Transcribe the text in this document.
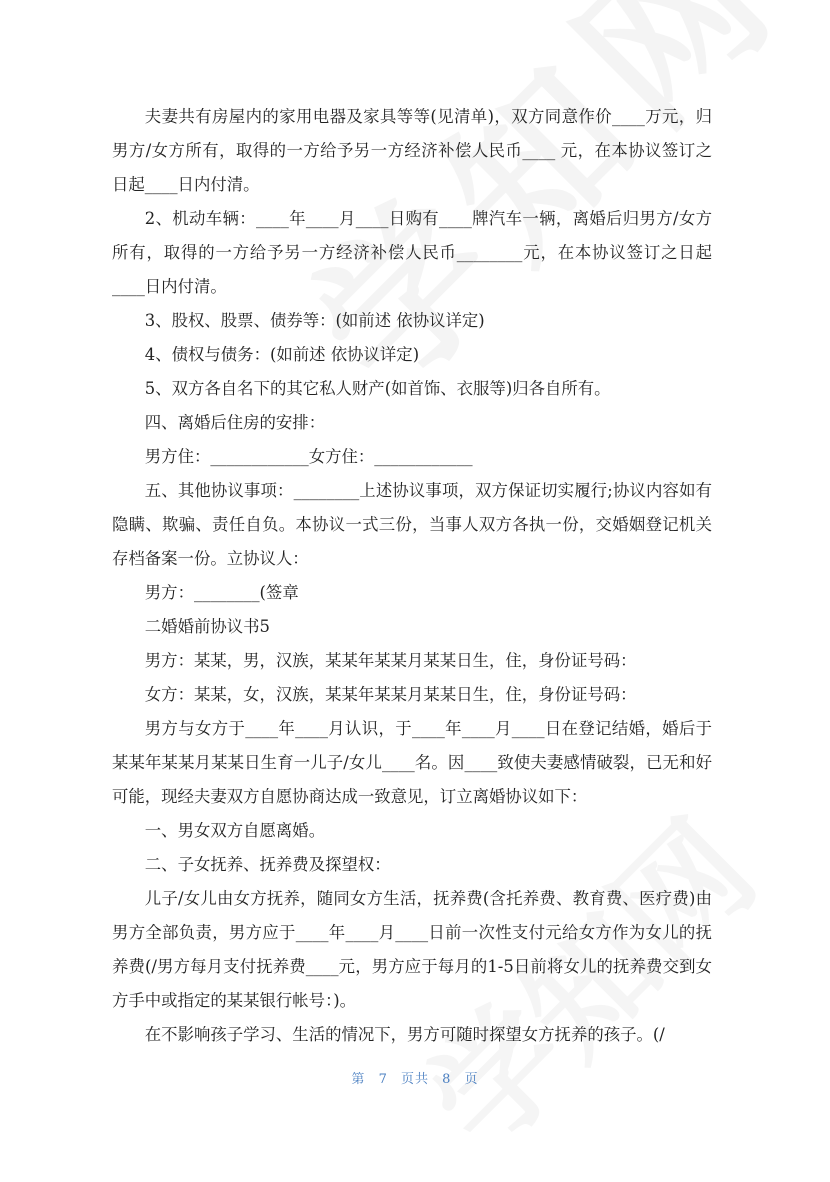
夫妻共有房屋内的家用电器及家具等等(见清单)，双方同意作价____万元，归男方/女方所有，取得的一方给予另一方经济补偿人民币____ 元，在本协议签订之日起____日内付清。

2、机动车辆：____年____月____日购有____牌汽车一辆，离婚后归男方/女方所有，取得的一方给予另一方经济补偿人民币________元，在本协议签订之日起____日内付清。

3、股权、股票、债券等：(如前述 依协议详定)

4、债权与债务：(如前述 依协议详定)

5、双方各自名下的其它私人财产(如首饰、衣服等)归各自所有。

四、离婚后住房的安排：

男方住：____________女方住：____________

五、其他协议事项：________上述协议事项，双方保证切实履行;协议内容如有隐瞒、欺骗、责任自负。本协议一式三份，当事人双方各执一份，交婚姻登记机关存档备案一份。立协议人：

男方：________(签章

二婚婚前协议书5

男方：某某，男，汉族，某某年某某月某某日生，住，身份证号码：

女方：某某，女，汉族，某某年某某月某某日生，住，身份证号码：

男方与女方于____年____月认识，于____年____月____日在登记结婚，婚后于某某年某某月某某日生育一儿子/女儿____名。因____致使夫妻感情破裂，已无和好可能，现经夫妻双方自愿协商达成一致意见，订立离婚协议如下：

一、男女双方自愿离婚。

二、子女抚养、抚养费及探望权：

儿子/女儿由女方抚养，随同女方生活，抚养费(含托养费、教育费、医疗费)由男方全部负责，男方应于____年____月____日前一次性支付元给女方作为女儿的抚养费(/男方每月支付抚养费____元，男方应于每月的1-5日前将女儿的抚养费交到女方手中或指定的某某银行帐号：)。

在不影响孩子学习、生活的情况下，男方可随时探望女方抚养的孩子。(/

第 7 页共 8 页
